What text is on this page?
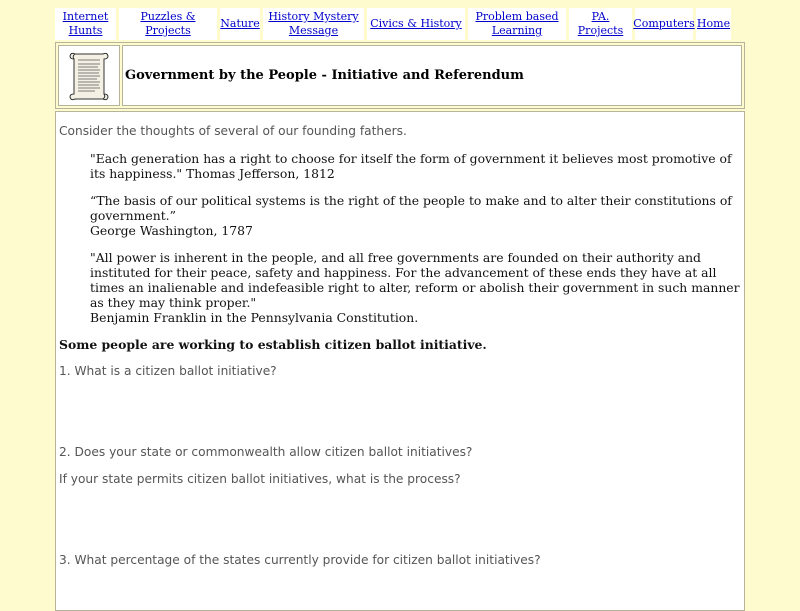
Internet Hunts
Puzzles & Projects
Nature
History Mystery Message
Civics & History
Problem based Learning
PA. Projects
Computers Home
Government by the People - Initiative and Referendum

Consider the thoughts of several of our founding fathers.

"Each generation has a right to choose for itself the form of government it believes most promotive of its happiness." Thomas Jefferson, 1812

“The basis of our political systems is the right of the people to make and to alter their constitutions of government.”
George Washington, 1787

"All power is inherent in the people, and all free governments are founded on their authority and instituted for their peace, safety and happiness. For the advancement of these ends they have at all times an inalienable and indefeasible right to alter, reform or abolish their government in such manner as they may think proper."
Benjamin Franklin in the Pennsylvania Constitution.

Some people are working to establish citizen ballot initiative.

1. What is a citizen ballot initiative?

2. Does your state or commonwealth allow citizen ballot initiatives?

If your state permits citizen ballot initiatives, what is the process?

3. What percentage of the states currently provide for citizen ballot initiatives?
